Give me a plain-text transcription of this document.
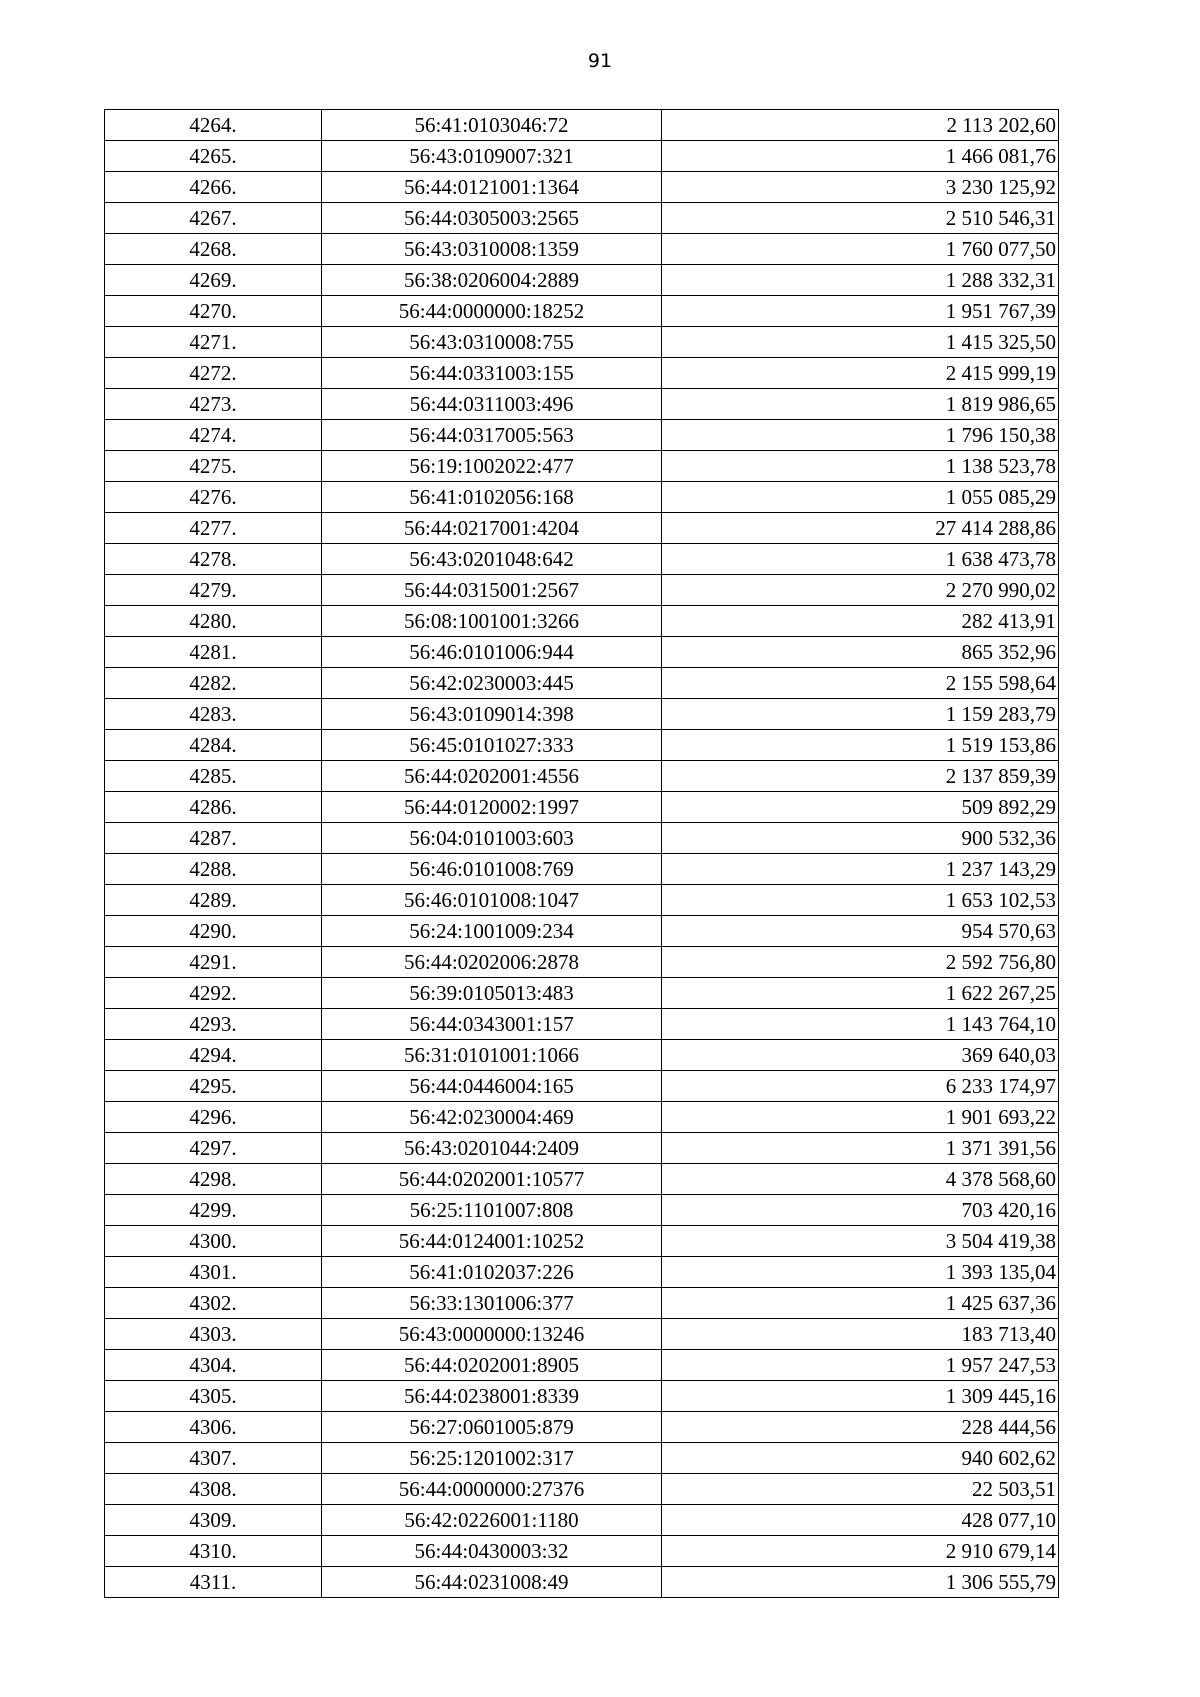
91
4264.	56:41:0103046:72	2 113 202,60
4265.	56:43:0109007:321	1 466 081,76
4266.	56:44:0121001:1364	3 230 125,92
4267.	56:44:0305003:2565	2 510 546,31
4268.	56:43:0310008:1359	1 760 077,50
4269.	56:38:0206004:2889	1 288 332,31
4270.	56:44:0000000:18252	1 951 767,39
4271.	56:43:0310008:755	1 415 325,50
4272.	56:44:0331003:155	2 415 999,19
4273.	56:44:0311003:496	1 819 986,65
4274.	56:44:0317005:563	1 796 150,38
4275.	56:19:1002022:477	1 138 523,78
4276.	56:41:0102056:168	1 055 085,29
4277.	56:44:0217001:4204	27 414 288,86
4278.	56:43:0201048:642	1 638 473,78
4279.	56:44:0315001:2567	2 270 990,02
4280.	56:08:1001001:3266	282 413,91
4281.	56:46:0101006:944	865 352,96
4282.	56:42:0230003:445	2 155 598,64
4283.	56:43:0109014:398	1 159 283,79
4284.	56:45:0101027:333	1 519 153,86
4285.	56:44:0202001:4556	2 137 859,39
4286.	56:44:0120002:1997	509 892,29
4287.	56:04:0101003:603	900 532,36
4288.	56:46:0101008:769	1 237 143,29
4289.	56:46:0101008:1047	1 653 102,53
4290.	56:24:1001009:234	954 570,63
4291.	56:44:0202006:2878	2 592 756,80
4292.	56:39:0105013:483	1 622 267,25
4293.	56:44:0343001:157	1 143 764,10
4294.	56:31:0101001:1066	369 640,03
4295.	56:44:0446004:165	6 233 174,97
4296.	56:42:0230004:469	1 901 693,22
4297.	56:43:0201044:2409	1 371 391,56
4298.	56:44:0202001:10577	4 378 568,60
4299.	56:25:1101007:808	703 420,16
4300.	56:44:0124001:10252	3 504 419,38
4301.	56:41:0102037:226	1 393 135,04
4302.	56:33:1301006:377	1 425 637,36
4303.	56:43:0000000:13246	183 713,40
4304.	56:44:0202001:8905	1 957 247,53
4305.	56:44:0238001:8339	1 309 445,16
4306.	56:27:0601005:879	228 444,56
4307.	56:25:1201002:317	940 602,62
4308.	56:44:0000000:27376	22 503,51
4309.	56:42:0226001:1180	428 077,10
4310.	56:44:0430003:32	2 910 679,14
4311.	56:44:0231008:49	1 306 555,79
